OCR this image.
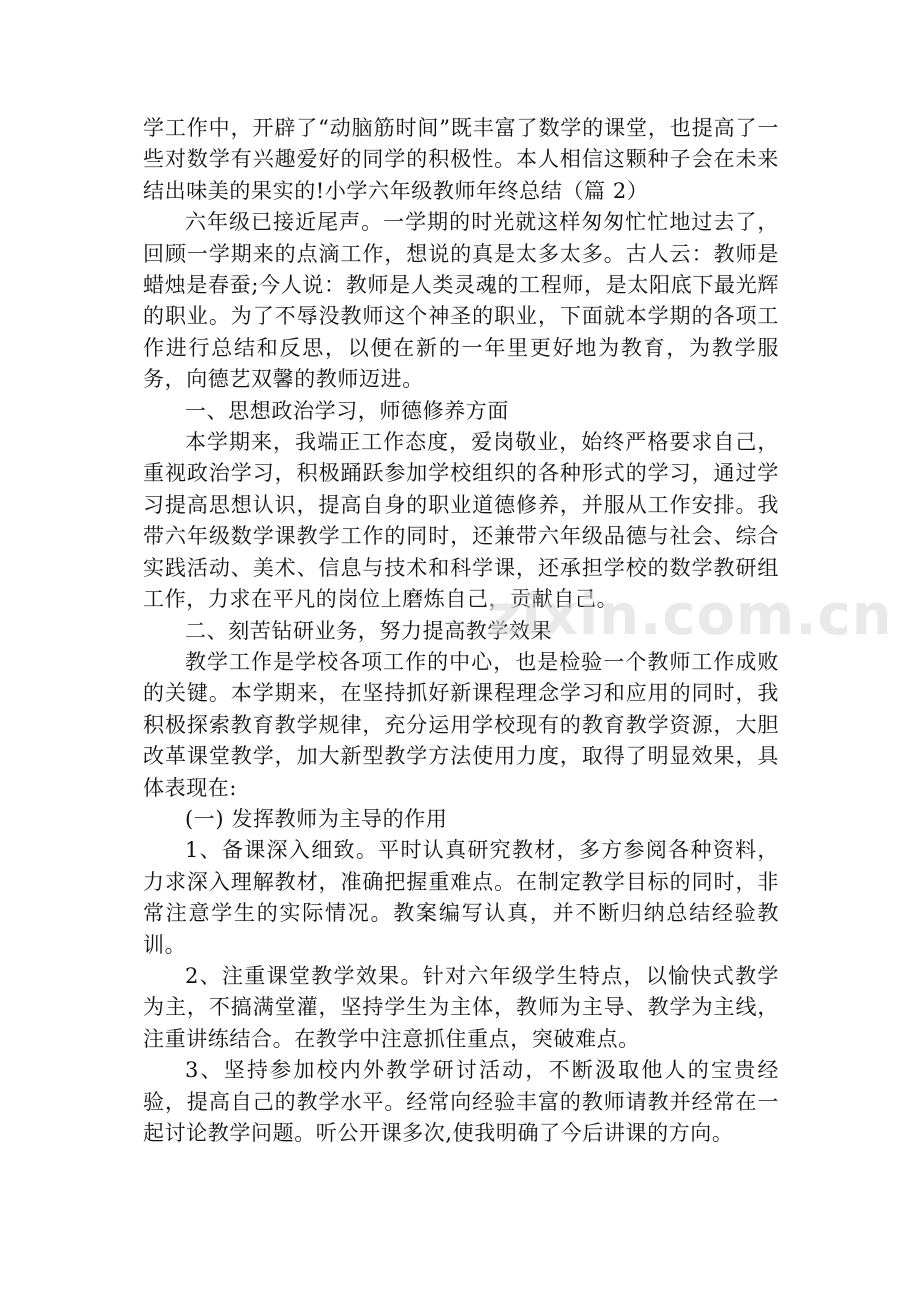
学工作中，开辟了“动脑筋时间”既丰富了数学的课堂，也提高了一些对数学有兴趣爱好的同学的积极性。本人相信这颗种子会在未来结出味美的果实的!小学六年级教师年终总结（篇 2）

六年级已接近尾声。一学期的时光就这样匆匆忙忙地过去了，回顾一学期来的点滴工作，想说的真是太多太多。古人云：教师是蜡烛是春蚕;今人说：教师是人类灵魂的工程师，是太阳底下最光辉的职业。为了不辱没教师这个神圣的职业，下面就本学期的各项工作进行总结和反思，以便在新的一年里更好地为教育，为教学服务，向德艺双馨的教师迈进。

一、思想政治学习，师德修养方面

本学期来，我端正工作态度，爱岗敬业，始终严格要求自己，重视政治学习，积极踊跃参加学校组织的各种形式的学习，通过学习提高思想认识，提高自身的职业道德修养，并服从工作安排。我带六年级数学课教学工作的同时，还兼带六年级品德与社会、综合实践活动、美术、信息与技术和科学课，还承担学校的数学教研组工作，力求在平凡的岗位上磨炼自己，贡献自己。

二、刻苦钻研业务，努力提高教学效果

教学工作是学校各项工作的中心，也是检验一个教师工作成败的关键。本学期来，在坚持抓好新课程理念学习和应用的同时，我积极探索教育教学规律，充分运用学校现有的教育教学资源，大胆改革课堂教学，加大新型教学方法使用力度，取得了明显效果，具体表现在:

(一) 发挥教师为主导的作用

1、备课深入细致。平时认真研究教材，多方参阅各种资料，力求深入理解教材，准确把握重难点。在制定教学目标的同时，非常注意学生的实际情况。教案编写认真，并不断归纳总结经验教训。

2、注重课堂教学效果。针对六年级学生特点，以愉快式教学为主，不搞满堂灌，坚持学生为主体，教师为主导、教学为主线，注重讲练结合。在教学中注意抓住重点，突破难点。

3、坚持参加校内外教学研讨活动，不断汲取他人的宝贵经验，提高自己的教学水平。经常向经验丰富的教师请教并经常在一起讨论教学问题。听公开课多次,使我明确了今后讲课的方向。

zixin.com.cn
